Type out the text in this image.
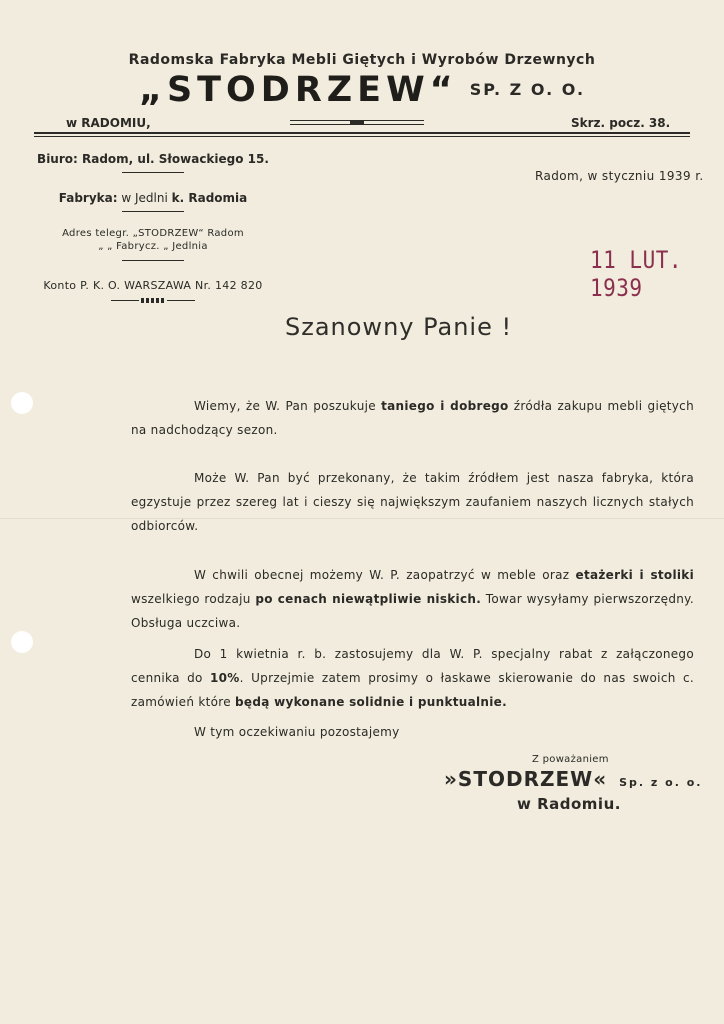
Radomska Fabryka Mebli Giętych i Wyrobów Drzewnych
„STODRZEW“ SP. Z O. O.
w RADOMIU,	Skrz. pocz. 38.
Biuro: Radom, ul. Słowackiego 15.
Fabryka: w Jedlni k. Radomia
Adres telegr. „STODRZEW“ Radom
„ „ Fabrycz. „ Jedlnia
Konto P. K. O. WARSZAWA Nr. 142 820
Radom, w styczniu 1939 r.
11 LUT. 1939
Szanowny Panie !
Wiemy, że W. Pan poszukuje taniego i dobrego źródła zakupu mebli giętych na nadchodzący sezon.
Może W. Pan być przekonany, że takim źródłem jest nasza fabryka, która egzystuje przez szereg lat i cieszy się największym zaufaniem naszych licznych stałych odbiorców.
W chwili obecnej możemy W. P. zaopatrzyć w meble oraz etażerki i stoliki wszelkiego rodzaju po cenach niewątpliwie niskich. Towar wysyłamy pierwszorzędny. Obsługa uczciwa.
Do 1 kwietnia r. b. zastosujemy dla W. P. specjalny rabat z załączonego cennika do 10%. Uprzejmie zatem prosimy o łaskawe skierowanie do nas swoich c. zamówień które będą wykonane solidnie i punktualnie.
W tym oczekiwaniu pozostajemy
Z poważaniem
»STODRZEW« Sp. z o. o.
w Radomiu.
